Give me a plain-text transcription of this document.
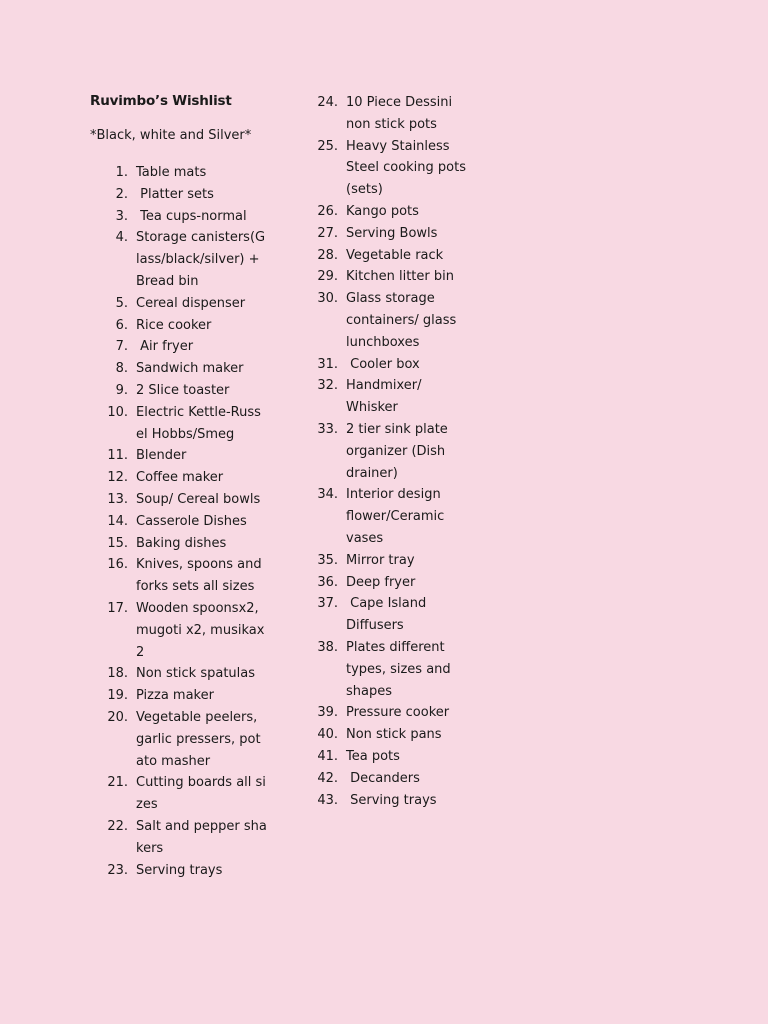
Ruvimbo’s Wishlist
*Black, white and Silver*
1. Table mats
2. Platter sets
3. Tea cups-normal
4. Storage canisters(Glass/black/silver) + Bread bin
5. Cereal dispenser
6. Rice cooker
7. Air fryer
8. Sandwich maker
9. 2 Slice toaster
10. Electric Kettle-Russel Hobbs/Smeg
11. Blender
12. Coffee maker
13. Soup/ Cereal bowls
14. Casserole Dishes
15. Baking dishes
16. Knives, spoons and forks sets all sizes
17. Wooden spoonsx2, mugoti x2, musikax2
18. Non stick spatulas
19. Pizza maker
20. Vegetable peelers, garlic pressers, potato masher
21. Cutting boards all sizes
22. Salt and pepper shakers
23. Serving trays
24. 10 Piece Dessini non stick pots
25. Heavy Stainless Steel cooking pots (sets)
26. Kango pots
27. Serving Bowls
28. Vegetable rack
29. Kitchen litter bin
30. Glass storage containers/ glass lunchboxes
31. Cooler box
32. Handmixer/ Whisker
33. 2 tier sink plate organizer (Dish drainer)
34. Interior design flower/Ceramic vases
35. Mirror tray
36. Deep fryer
37. Cape Island Diffusers
38. Plates different types, sizes and shapes
39. Pressure cooker
40. Non stick pans
41. Tea pots
42. Decanders
43. Serving trays
